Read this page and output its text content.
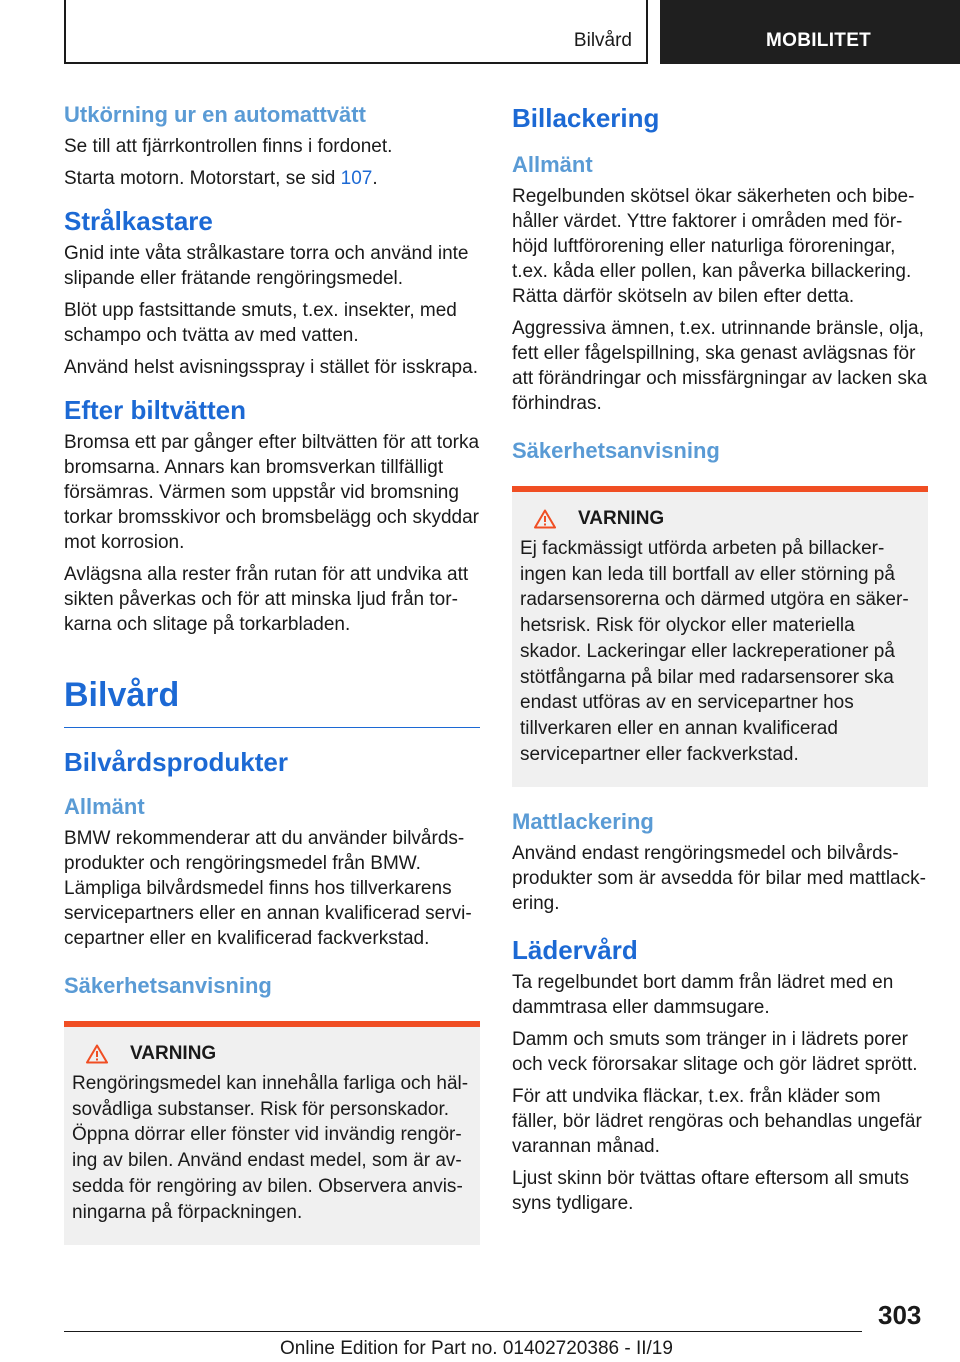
Bilvård	MOBILITET
Utkörning ur en automattvätt

Se till att fjärrkontrollen finns i fordonet.

Starta motorn. Motorstart, se sid 107.

Strålkastare

Gnid inte våta strålkastare torra och använd inte slipande eller frätande rengöringsmedel.

Blöt upp fastsittande smuts, t.ex. insekter, med schampo och tvätta av med vatten.

Använd helst avisningsspray i stället för isskrapa.

Efter biltvätten

Bromsa ett par gånger efter biltvätten för att torka bromsarna. Annars kan bromsverkan tillfälligt försämras. Värmen som uppstår vid bromsning torkar bromsskivor och bromsbelägg och skyddar mot korrosion.

Avlägsna alla rester från rutan för att undvika att sikten påverkas och för att minska ljud från torkarna och slitage på torkarbladen.

Bilvård
Bilvårdsprodukter
Allmänt

BMW rekommenderar att du använder bilvårdsprodukter och rengöringsmedel från BMW. Lämpliga bilvårdsmedel finns hos tillverkarens servicepartners eller en annan kvalificerad servicepartner eller en kvalificerad fackverkstad.

Säkerhetsanvisning
VARNING

Rengöringsmedel kan innehålla farliga och hälsovådliga substanser. Risk för personskador. Öppna dörrar eller fönster vid invändig rengöring av bilen. Använd endast medel, som är avsedda för rengöring av bilen. Observera anvisningarna på förpackningen.

Billackering
Allmänt

Regelbunden skötsel ökar säkerheten och bibehåller värdet. Yttre faktorer i områden med förhöjd luftförorening eller naturliga föroreningar, t.ex. kåda eller pollen, kan påverka billackering. Rätta därför skötseln av bilen efter detta.

Aggressiva ämnen, t.ex. utrinnande bränsle, olja, fett eller fågelspillning, ska genast avlägsnas för att förändringar och missfärgningar av lacken ska förhindras.

Säkerhetsanvisning
VARNING

Ej fackmässigt utförda arbeten på billackeringen kan leda till bortfall av eller störning på radarsensorerna och därmed utgöra en säkerhetsrisk. Risk för olyckor eller materiella skador. Lackeringar eller lackreperationer på stötfångarna på bilar med radarsensorer ska endast utföras av en servicepartner hos tillverkaren eller en annan kvalificerad servicepartner eller fackverkstad.

Mattlackering

Använd endast rengöringsmedel och bilvårdsprodukter som är avsedda för bilar med mattlackering.

Lädervård

Ta regelbundet bort damm från lädret med en dammtrasa eller dammsugare.

Damm och smuts som tränger in i lädrets porer och veck förorsakar slitage och gör lädret sprött.

För att undvika fläckar, t.ex. från kläder som fäller, bör lädret rengöras och behandlas ungefär varannan månad.

Ljust skinn bör tvättas oftare eftersom all smuts syns tydligare.

303
Online Edition for Part no. 01402720386 - II/19
